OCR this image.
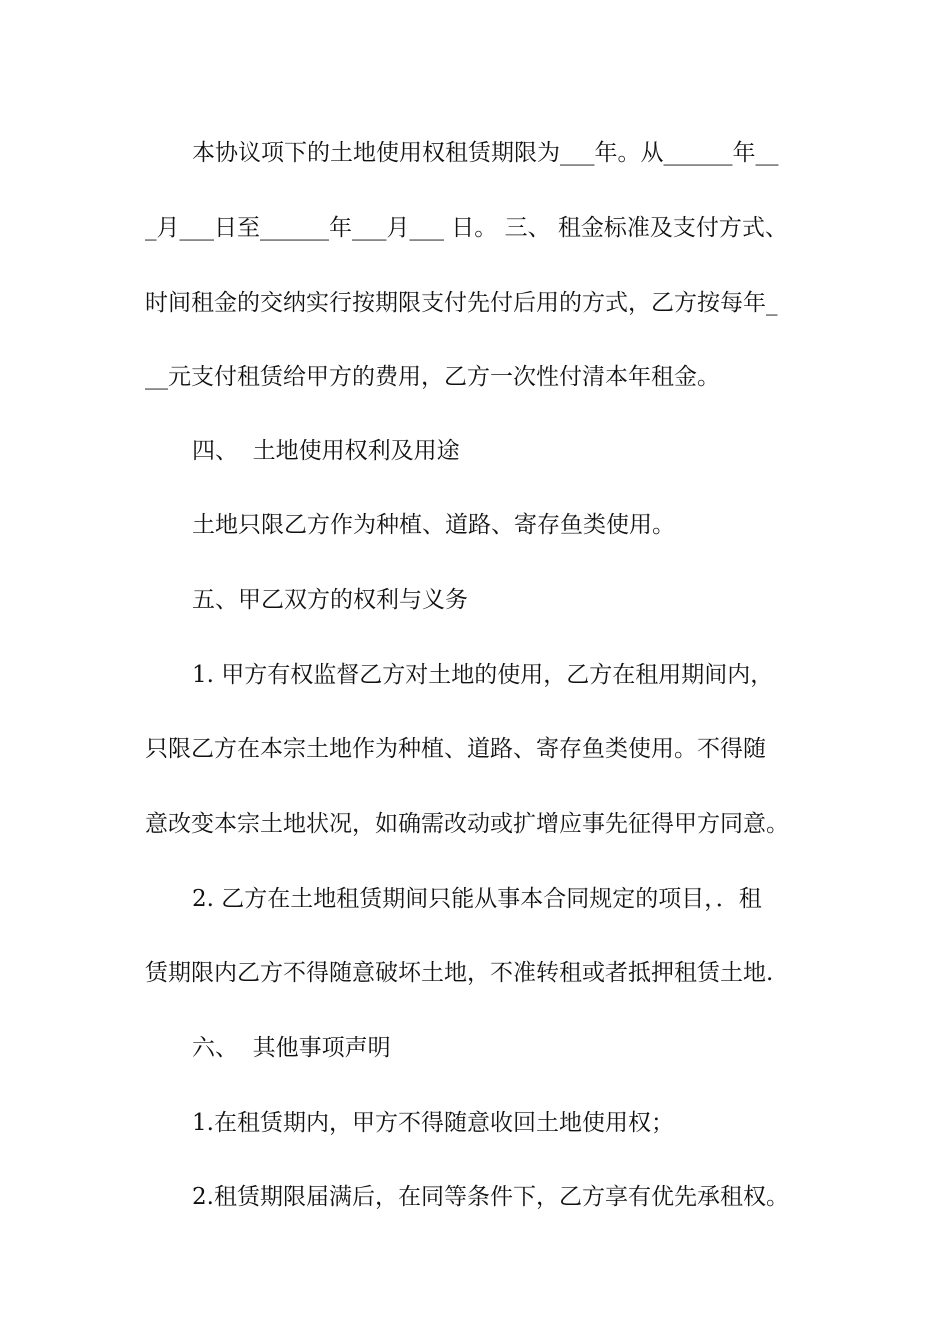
本协议项下的土地使用权租赁期限为___年。从______年__
_月___日至______年___月___ 日。 三、 租金标准及支付方式、
时间租金的交纳实行按期限支付先付后用的方式，乙方按每年_
__元支付租赁给甲方的费用，乙方一次性付清本年租金。
四、  土地使用权利及用途
土地只限乙方作为种植、道路、寄存鱼类使用。
五、甲乙双方的权利与义务
1. 甲方有权监督乙方对土地的使用，乙方在租用期间内，
只限乙方在本宗土地作为种植、道路、寄存鱼类使用。不得随
意改变本宗土地状况，如确需改动或扩增应事先征得甲方同意。
2. 乙方在土地租赁期间只能从事本合同规定的项目，．租
赁期限内乙方不得随意破坏土地，不准转租或者抵押租赁土地.
六、  其他事项声明
1.在租赁期内，甲方不得随意收回土地使用权；
2.租赁期限届满后，在同等条件下，乙方享有优先承租权。
